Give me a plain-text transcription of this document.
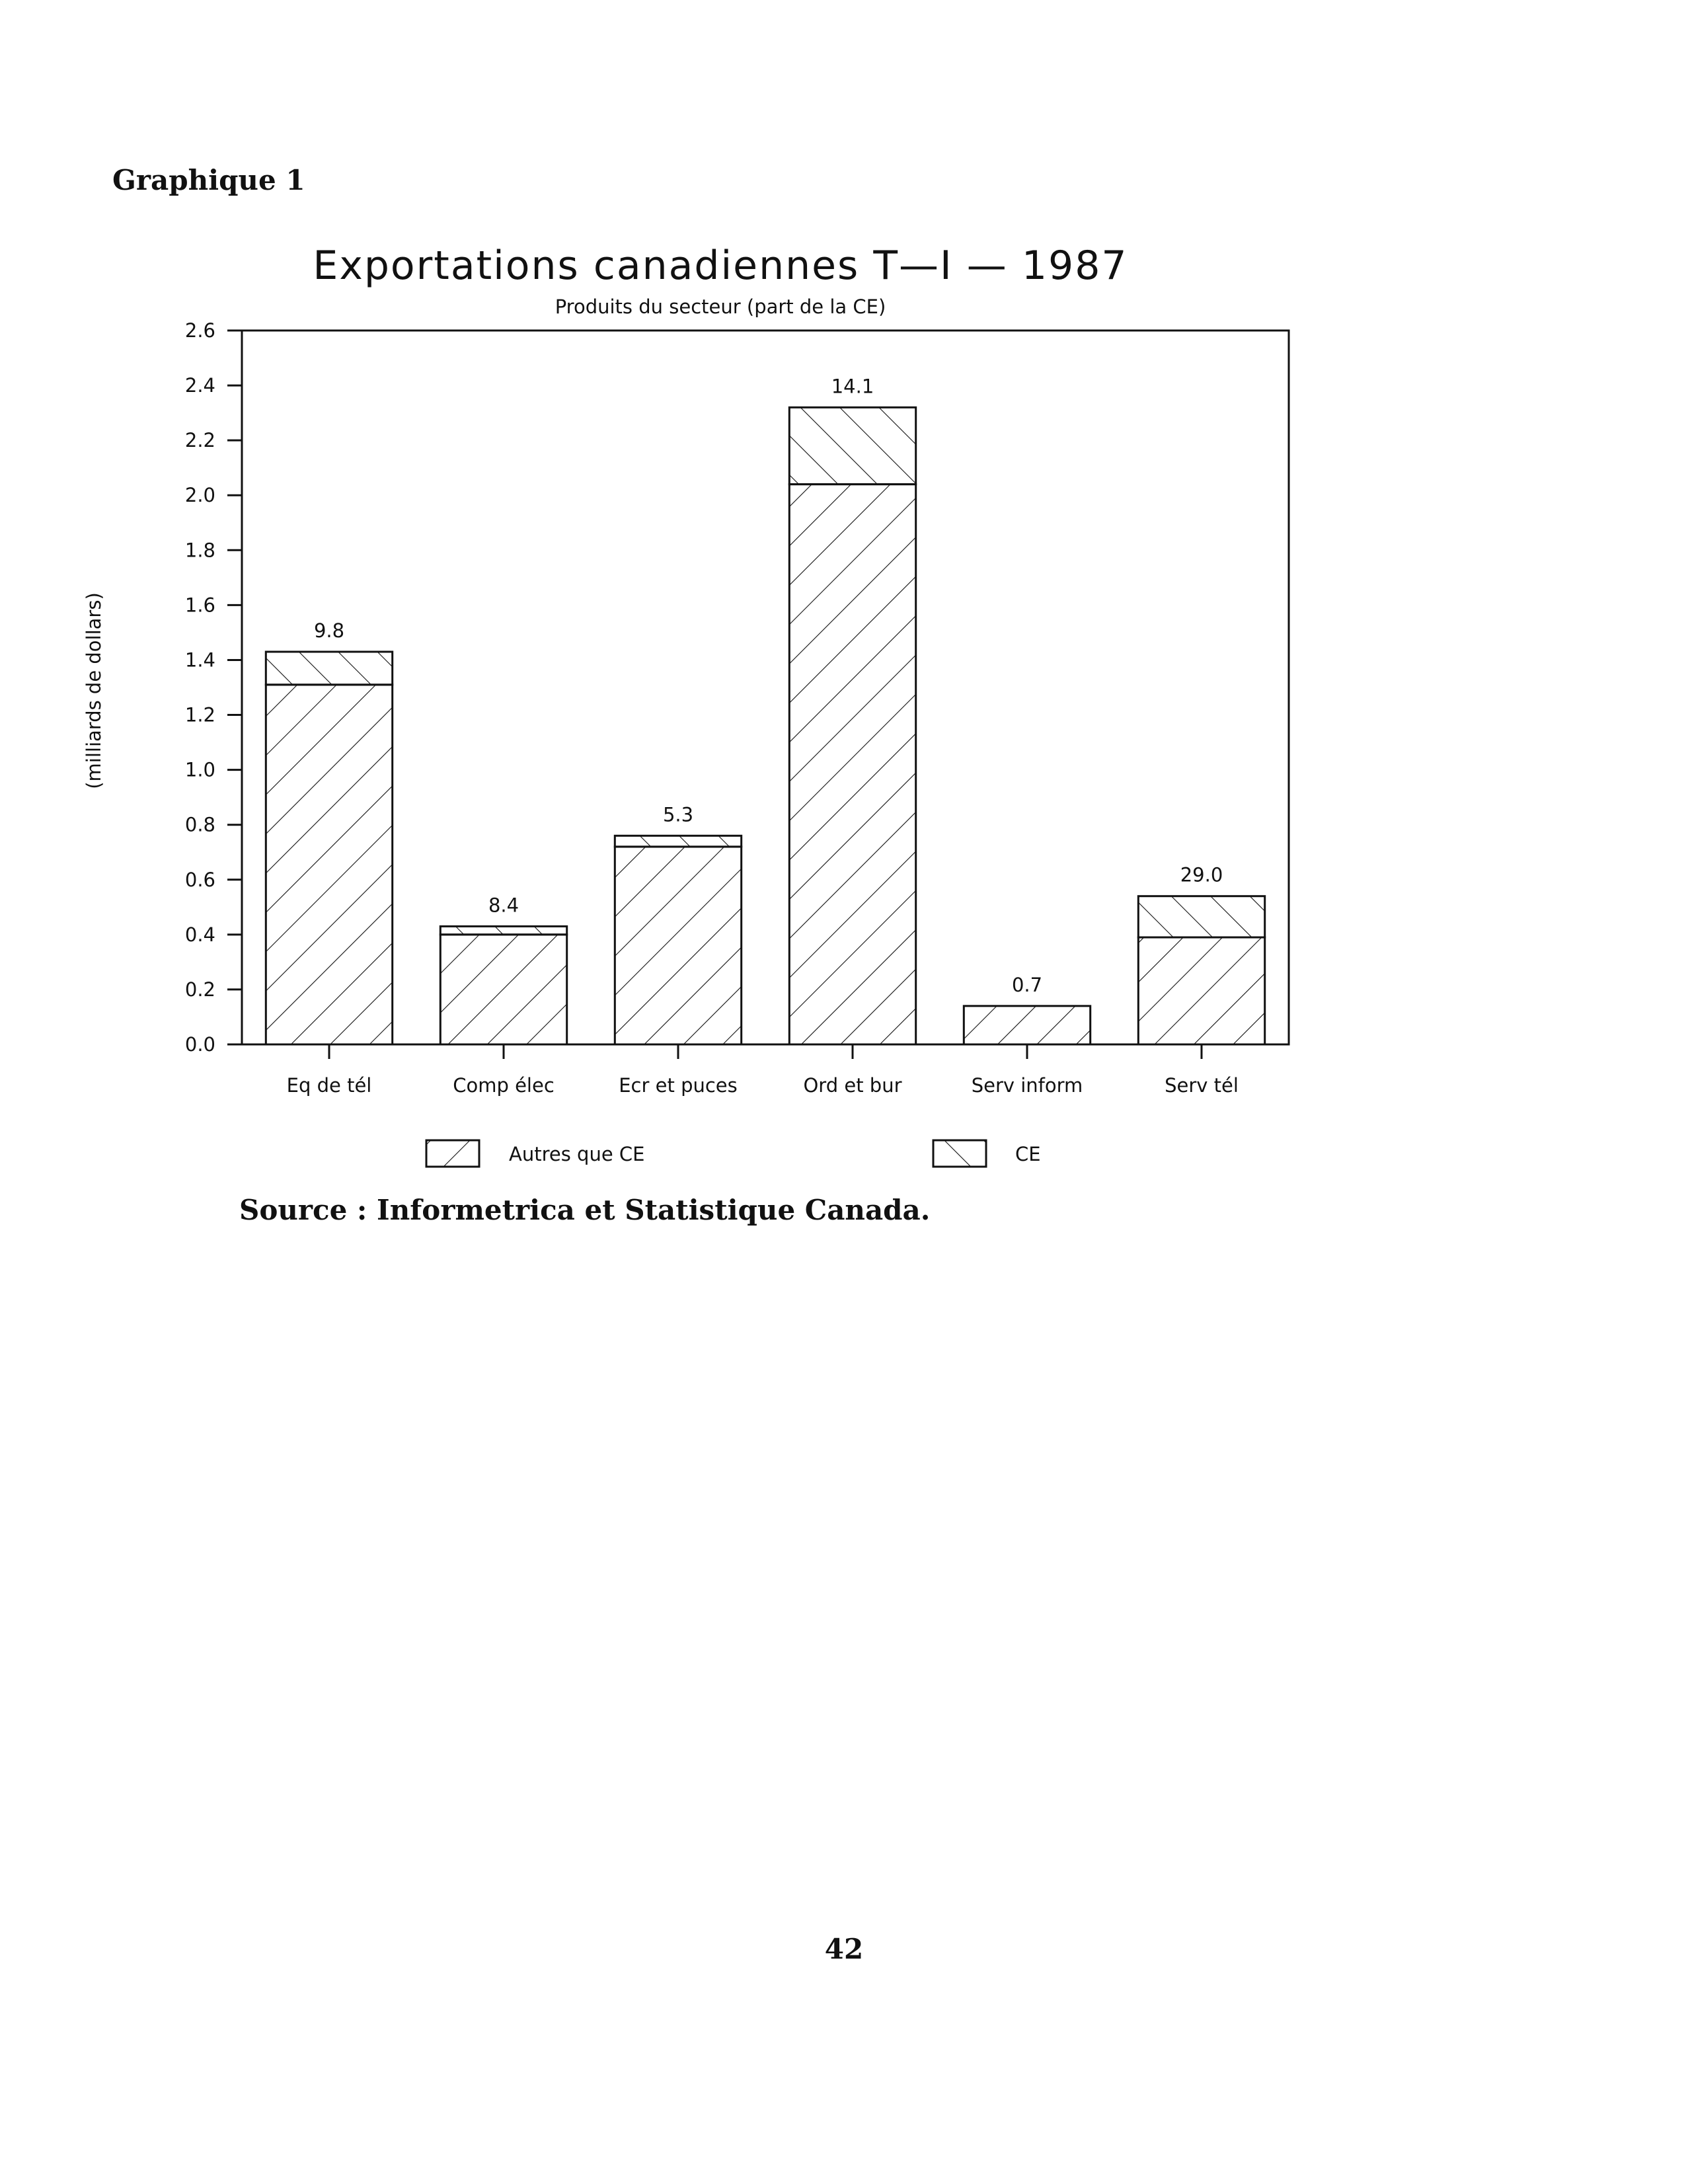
Graphique 1
Exportations canadiennes T—I — 1987
Produits du secteur (part de la CE)
(milliards de dollars)
0.0
0.2
0.4
0.6
0.8
1.0
1.2
1.4
1.6
1.8
2.0
2.2
2.4
2.6
9.8
8.4
5.3
14.1
0.7
29.0
Eq de tél	Comp élec	Ecr et puces	Ord et bur	Serv inform	Serv tél
Autres que CE	CE
Source : Informetrica et Statistique Canada.
42
